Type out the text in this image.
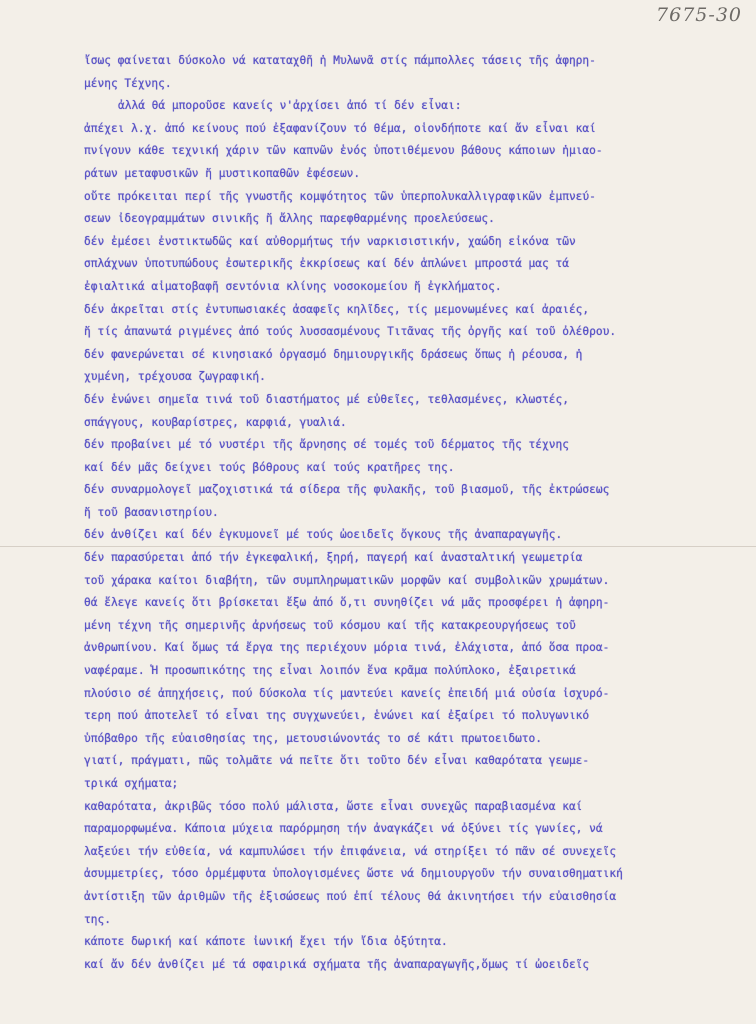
7675-30
ἴσως φαίνεται δύσκολο νά καταταχθῆ ἡ Μυλωνᾶ στίς πάμπολλες τάσεις τῆς ἀφηρη-
μένης Τέχνης.
ἀλλά θά μποροῦσε κανείς ν'ἀρχίσει ἀπό τί δέν εἶναι:
ἀπέχει λ.χ. ἀπό κείνους πού ἐξαφανίζουν τό θέμα, οἱονδήποτε καί ἄν εἶναι καί
πνίγουν κάθε τεχνική χάριν τῶν καπνῶν ἑνός ὑποτιθέμενου βάθους κάποιων ἡμιαο-
ράτων μεταφυσικῶν ἤ μυστικοπαθῶν ἐφέσεων.
οὔτε πρόκειται περί τῆς γνωστῆς κομψότητος τῶν ὑπερπολυκαλλιγραφικῶν ἐμπνεύ-
σεων ἰδεογραμμάτων σινικῆς ἤ ἄλλης παρεφθαρμένης προελεύσεως.
δέν ἐμέσει ἐνστικτωδῶς καί αὐθορμήτως τήν ναρκισιστικήν, χαώδη εἰκόνα τῶν
σπλάχνων ὑποτυπώδους ἐσωτερικῆς ἐκκρίσεως καί δέν ἁπλώνει μπροστά μας τά
ἐφιαλτικά αἱματοβαφῆ σεντόνια κλίνης νοσοκομείου ἤ ἐγκλήματος.
δέν ἀκρεῖται στίς ἐντυπωσιακές ἀσαφεῖς κηλῖδες, τίς μεμονωμένες καί ἀραιές,
ἤ τίς ἀπανωτά ριγμένες ἀπό τούς λυσσασμένους Τιτᾶνας τῆς ὀργῆς καί τοῦ ὀλέθρου.
δέν φανερώνεται σέ κινησιακό ὀργασμό δημιουργικῆς δράσεως ὅπως ἡ ρέουσα, ἡ
χυμένη, τρέχουσα ζωγραφική.
δέν ἑνώνει σημεῖα τινά τοῦ διαστήματος μέ εὐθεῖες, τεθλασμένες, κλωστές,
σπάγγους, κουβαρίστρες, καρφιά, γυαλιά.
δέν προβαίνει μέ τό νυστέρι τῆς ἄρνησης σέ τομές τοῦ δέρματος τῆς τέχνης
καί δέν μᾶς δείχνει τούς βόθρους καί τούς κρατῆρες της.
δέν συναρμολογεῖ μαζοχιστικά τά σίδερα τῆς φυλακῆς, τοῦ βιασμοῦ, τῆς ἐκτρώσεως
ἤ τοῦ βασανιστηρίου.
δέν ἀνθίζει καί δέν ἐγκυμονεῖ μέ τούς ὠοειδεῖς ὄγκους τῆς ἀναπαραγωγῆς.
δέν παρασύρεται ἀπό τήν ἐγκεφαλική, ξηρή, παγερή καί ἀνασταλτική γεωμετρία
τοῦ χάρακα καίτοι διαβήτη, τῶν συμπληρωματικῶν μορφῶν καί συμβολικῶν χρωμάτων.
θά ἔλεγε κανείς ὅτι βρίσκεται ἔξω ἀπό ὅ,τι συνηθίζει νά μᾶς προσφέρει ἡ ἀφηρη-
μένη τέχνη τῆς σημερινῆς ἀρνήσεως τοῦ κόσμου καί τῆς κατακρεουργήσεως τοῦ
ἀνθρωπίνου. Καί ὅμως τά ἔργα της περιέχουν μόρια τινά, ἐλάχιστα, ἀπό ὅσα προα-
ναφέραμε. Ἡ προσωπικότης της εἶναι λοιπόν ἕνα κρᾶμα πολύπλοκο, ἐξαιρετικά
πλούσιο σέ ἀπηχήσεις, πού δύσκολα τίς μαντεύει κανείς ἐπειδή μιά οὐσία ἰσχυρό-
τερη πού ἀποτελεῖ τό εἶναι της συγχωνεύει, ἑνώνει καί ἐξαίρει τό πολυγωνικό
ὑπόβαθρο τῆς εὐαισθησίας της, μετουσιώνοντάς το σέ κάτι πρωτοειδωτο.
γιατί, πράγματι, πῶς τολμᾶτε νά πεῖτε ὅτι τοῦτο δέν εἶναι καθαρότατα γεωμε-
τρικά σχήματα;
καθαρότατα, ἀκριβῶς τόσο πολύ μάλιστα, ὥστε εἶναι συνεχῶς παραβιασμένα καί
παραμορφωμένα. Κάποια μύχεια παρόρμηση τήν ἀναγκάζει νά ὀξύνει τίς γωνίες, νά
λαξεύει τήν εὐθεία, νά καμπυλώσει τήν ἐπιφάνεια, νά στηρίξει τό πᾶν σέ συνεχεῖς
ἀσυμμετρίες, τόσο ὁρμέμφυτα ὑπολογισμένες ὥστε νά δημιουργοῦν τήν συναισθηματική
ἀντίστιξη τῶν ἀριθμῶν τῆς ἐξισώσεως πού ἐπί τέλους θά ἀκινητήσει τήν εὐαισθησία
της.
κάποτε δωρική καί κάποτε ἰωνική ἔχει τήν ἴδια ὀξύτητα.
καί ἄν δέν ἀνθίζει μέ τά σφαιρικά σχήματα τῆς ἀναπαραγωγῆς,ὅμως τί ὠοειδεῖς
